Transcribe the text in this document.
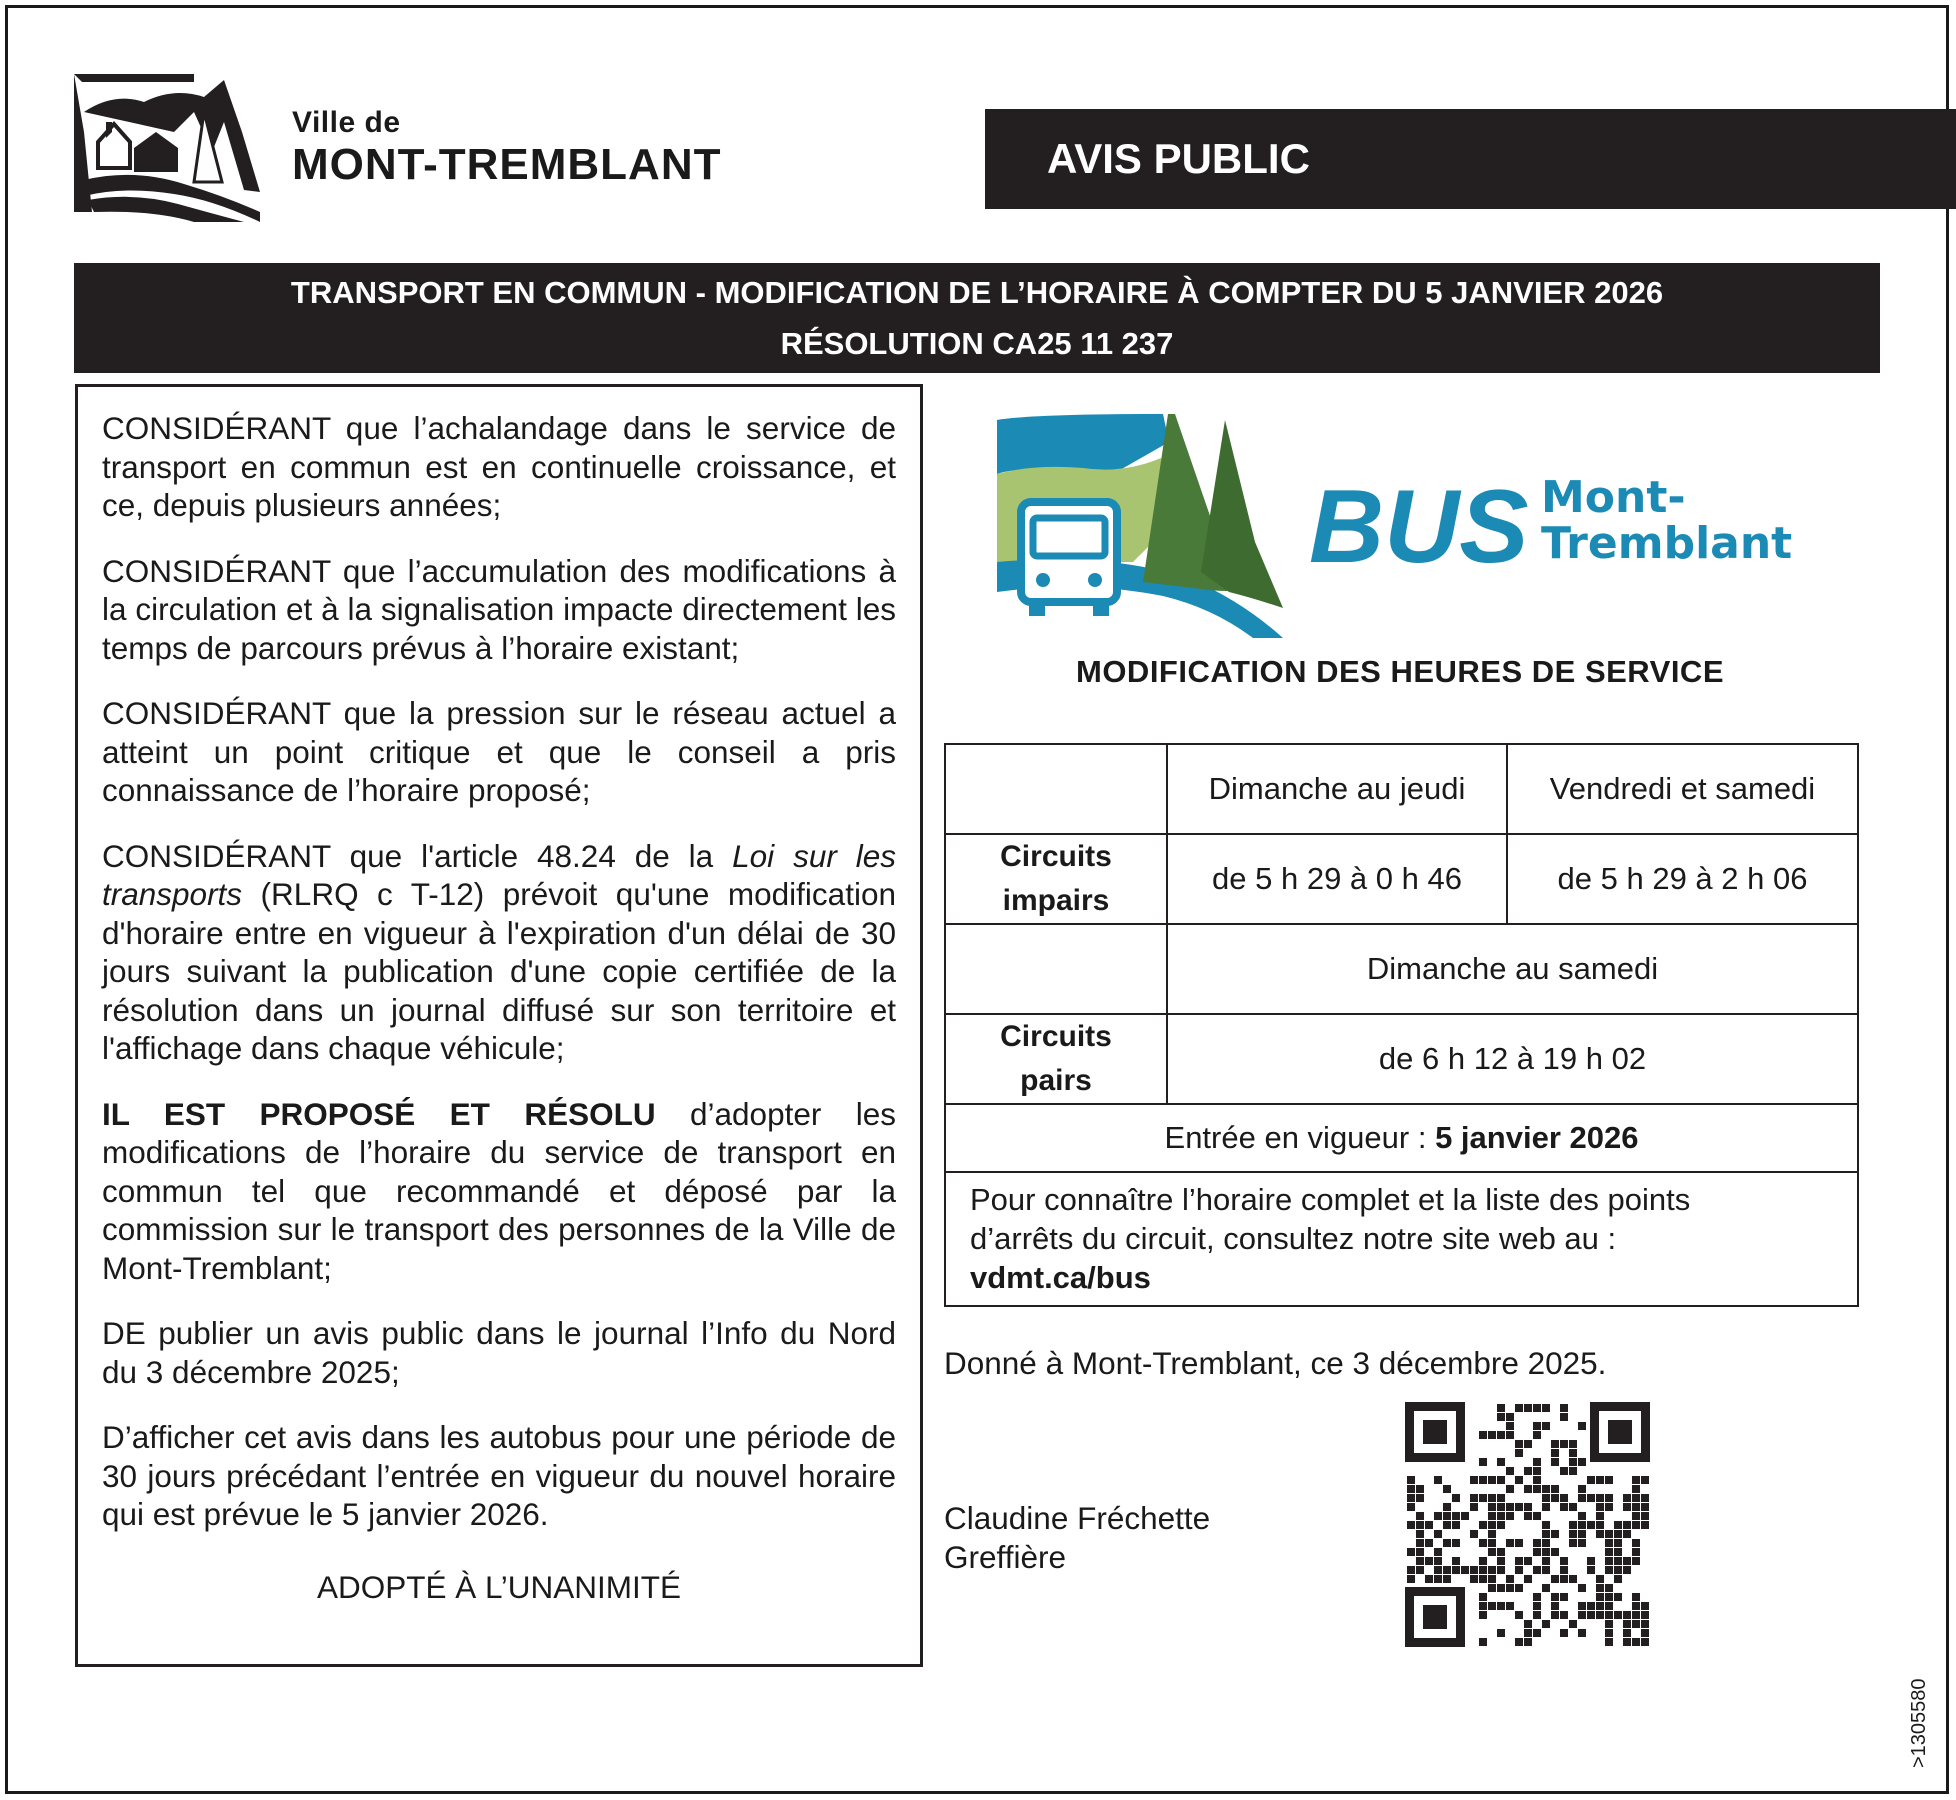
Ville de
MONT-TREMBLANT	AVIS PUBLIC
TRANSPORT EN COMMUN - MODIFICATION DE L’HORAIRE À COMPTER DU 5 JANVIER 2026
RÉSOLUTION CA25 11 237

CONSIDÉRANT que l’achalandage dans le service de transport en commun est en continuelle croissance, et ce, depuis plusieurs années;

CONSIDÉRANT que l’accumulation des modifications à la circulation et à la signalisation impacte directement les temps de parcours prévus à l’horaire existant;

CONSIDÉRANT que la pression sur le réseau actuel a atteint un point critique et que le conseil a pris connaissance de l’horaire proposé;

CONSIDÉRANT que l'article 48.24 de la Loi sur les transports (RLRQ c T-12) prévoit qu'une modification d'horaire entre en vigueur à l'expiration d'un délai de 30 jours suivant la publication d'une copie certifiée de la résolution dans un journal diffusé sur son territoire et l'affichage dans chaque véhicule;

IL EST PROPOSÉ ET RÉSOLU d’adopter les modifications de l’horaire du service de transport en commun tel que recommandé et déposé par la commission sur le transport des personnes de la Ville de Mont-Tremblant;

DE publier un avis public dans le journal l’Info du Nord du 3 décembre 2025;

D’afficher cet avis dans les autobus pour une période de 30 jours précédant l’entrée en vigueur du nouvel horaire qui est prévue le 5 janvier 2026.

ADOPTÉ À L’UNANIMITÉ

BUS Mont-
Tremblant
MODIFICATION DES HEURES DE SERVICE
	Dimanche au jeudi	Vendredi et samedi

Circuits
impairs	de 5 h 29 à 0 h 46	de 5 h 29 à 2 h 06
	Dimanche au samedi	

Circuits
pairs	de 6 h 12 à 19 h 02	
Entrée en vigueur : 5 janvier 2026		

Pour connaître l’horaire complet et la liste des points
d’arrêts du circuit, consultez notre site web au :
vdmt.ca/bus		
Donné à Mont-Tremblant, ce 3 décembre 2025.
Claudine Fréchette
Greffière
>1305580
